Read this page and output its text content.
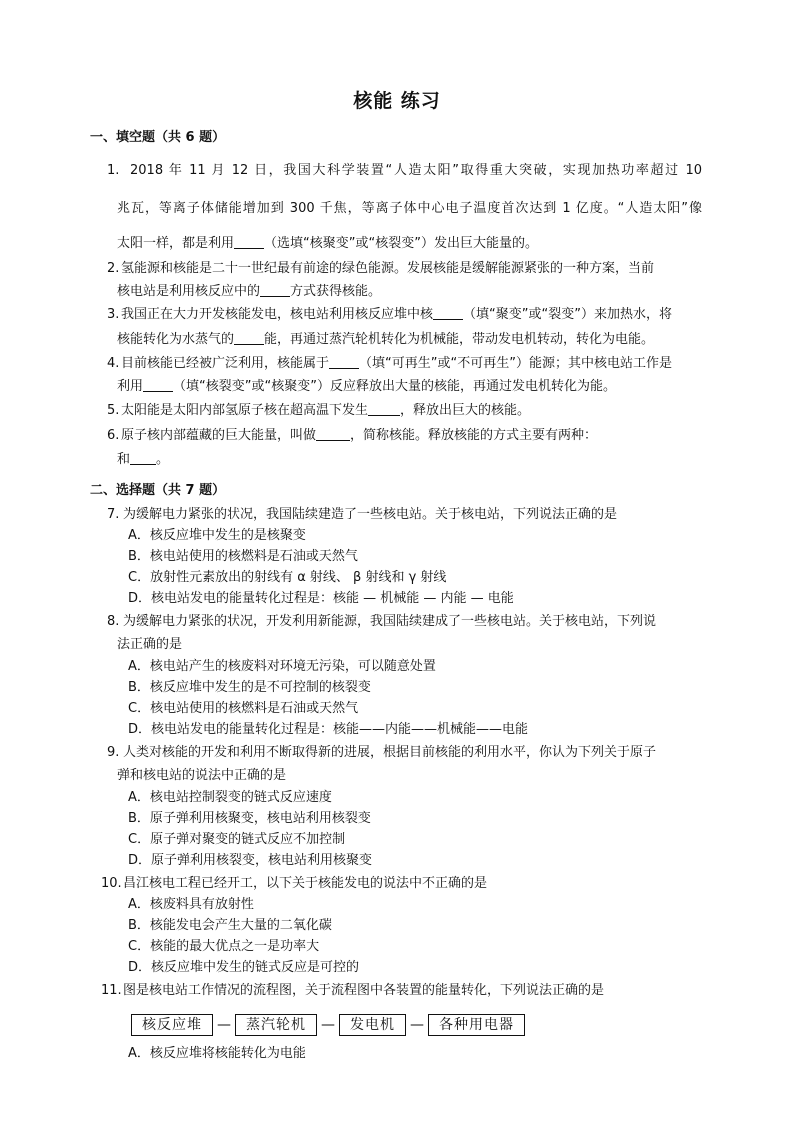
核能 练习
一、填空题（共 6 题）
1. 2018 年 11 月 12 日，我国大科学装置“人造太阳”取得重大突破，实现加热功率超过 10
兆瓦，等离子体储能增加到 300 千焦，等离子体中心电子温度首次达到 1 亿度。“人造太阳”像
太阳一样，都是利用 （选填“核聚变”或“核裂变”）发出巨大能量的。
2. 氢能源和核能是二十一世纪最有前途的绿色能源。发展核能是缓解能源紧张的一种方案，当前
核电站是利用核反应中的 方式获得核能。
3. 我国正在大力开发核能发电，核电站利用核反应堆中核 （填“聚变”或“裂变”）来加热水，将
核能转化为水蒸气的 能，再通过蒸汽轮机转化为机械能，带动发电机转动，转化为电能。
4. 目前核能已经被广泛利用，核能属于 （填“可再生”或“不可再生”）能源；其中核电站工作是
利用 （填“核裂变”或“核聚变”）反应释放出大量的核能，再通过发电机转化为能。
5. 太阳能是太阳内部氢原子核在超高温下发生 ，释放出巨大的核能。
6. 原子核内部蕴藏的巨大能量，叫做	，简称核能。释放核能的方式主要有两种：
和 。
二、选择题（共 7 题）
7. 为缓解电力紧张的状况，我国陆续建造了一些核电站。关于核电站，下列说法正确的是
A．核反应堆中发生的是核聚变
B．核电站使用的核燃料是石油或天然气
C．放射性元素放出的射线有 α 射线、 β 射线和 γ 射线
D．核电站发电的能量转化过程是：核能 — 机械能 — 内能 — 电能
8. 为缓解电力紧张的状况，开发利用新能源，我国陆续建成了一些核电站。关于核电站，下列说
法正确的是
A．核电站产生的核废料对环境无污染，可以随意处置
B．核反应堆中发生的是不可控制的核裂变
C．核电站使用的核燃料是石油或天然气
D．核电站发电的能量转化过程是：核能——内能——机械能——电能
9. 人类对核能的开发和利用不断取得新的进展，根据目前核能的利用水平，你认为下列关于原子
弹和核电站的说法中正确的是
A．核电站控制裂变的链式反应速度
B．原子弹利用核聚变，核电站利用核裂变
C．原子弹对聚变的链式反应不加控制
D．原子弹利用核裂变，核电站利用核聚变
10. 昌江核电工程已经开工，以下关于核能发电的说法中不正确的是
A．核废料具有放射性
B．核能发电会产生大量的二氧化碳
C．核能的最大优点之一是功率大
D．核反应堆中发生的链式反应是可控的
11. 图是核电站工作情况的流程图，关于流程图中各装置的能量转化，下列说法正确的是
核反应堆	—	蒸汽轮机	—	发电机	—	各种用电器
A．核反应堆将核能转化为电能
